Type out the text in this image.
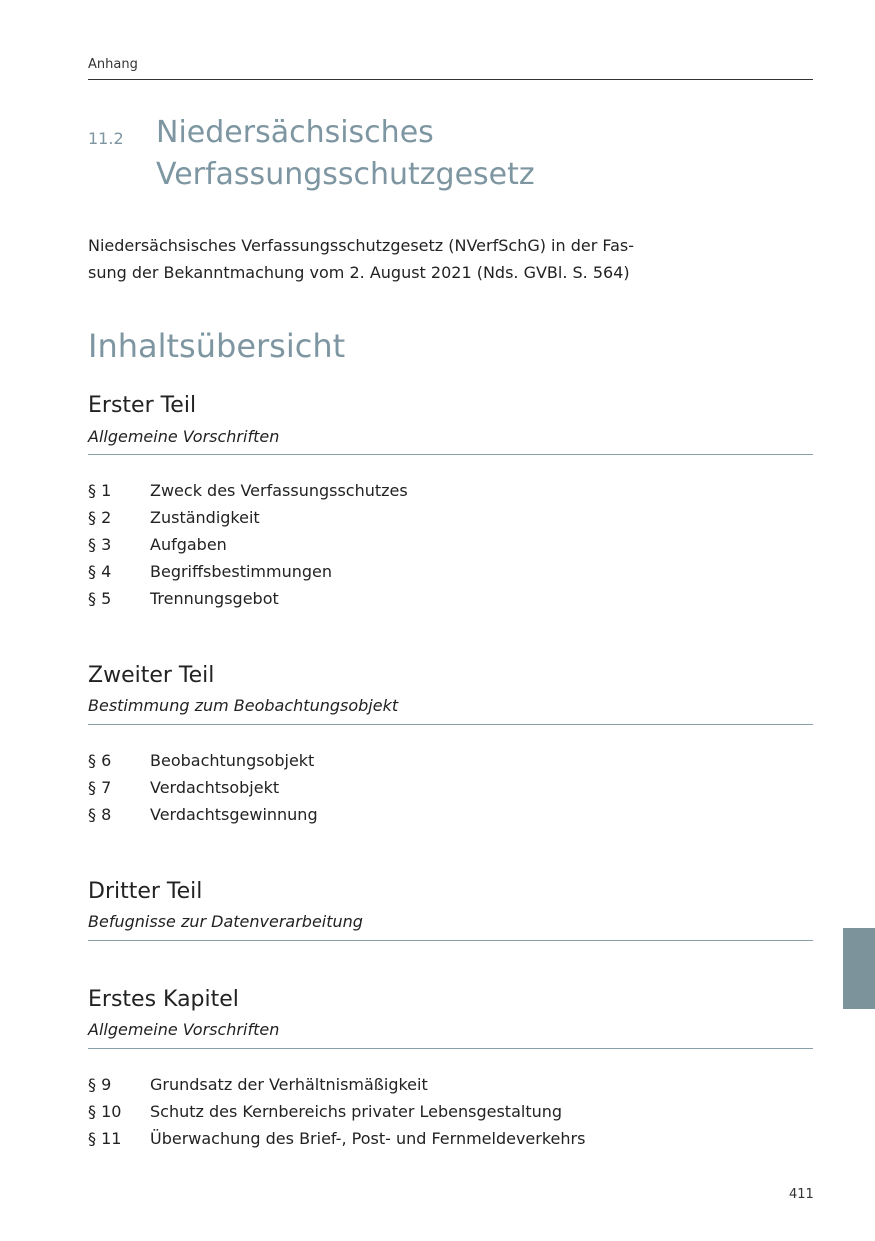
Anhang
11.2 Niedersächsisches
Verfassungsschutzgesetz
Niedersächsisches Verfassungsschutzgesetz (NVerfSchG) in der Fas-
sung der Bekanntmachung vom 2. August 2021 (Nds. GVBl. S. 564)
Inhaltsübersicht
Erster Teil
Allgemeine Vorschriften
§ 1 Zweck des Verfassungsschutzes
§ 2 Zuständigkeit
§ 3 Aufgaben
§ 4 Begriffsbestimmungen
§ 5 Trennungsgebot
Zweiter Teil
Bestimmung zum Beobachtungsobjekt
§ 6 Beobachtungsobjekt
§ 7 Verdachtsobjekt
§ 8 Verdachtsgewinnung
Dritter Teil
Befugnisse zur Datenverarbeitung
Erstes Kapitel
Allgemeine Vorschriften
§ 9 Grundsatz der Verhältnismäßigkeit
§ 10 Schutz des Kernbereichs privater Lebensgestaltung
§ 11 Überwachung des Brief-, Post- und Fernmeldeverkehrs
411
